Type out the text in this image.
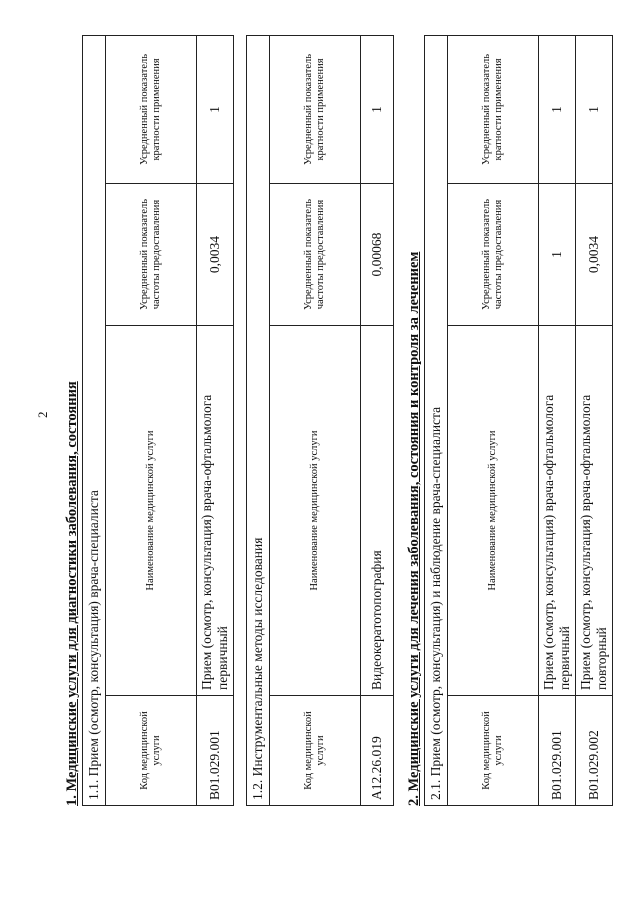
2 1. Медицинские услуги для диагностики заболевания, состояния 1.1. Прием (осмотр, консультация) врача-специалиста			
Код медицинской услуги	Наименование медицинской услуги	Усредненный показатель частоты предоставления	Усредненный показатель кратности применения
B01.029.001	Прием (осмотр, консультация) врача-офтальмолога первичный	0,0034	1
1.2. Инструментальные методы исследования			
Код медицинской услуги	Наименование медицинской услуги	Усредненный показатель частоты предоставления	Усредненный показатель кратности применения
A12.26.019	Видеокератотопография	0,00068	1
2. Медицинские услуги для лечения заболевания, состояния и контроля за лечением 2.1. Прием (осмотр, консультация) и наблюдение врача-специалиста			
Код медицинской услуги	Наименование медицинской услуги	Усредненный показатель частоты предоставления	Усредненный показатель кратности применения
B01.029.001	Прием (осмотр, консультация) врача-офтальмолога первичный	1	1
B01.029.002	Прием (осмотр, консультация) врача-офтальмолога повторный	0,0034	1
